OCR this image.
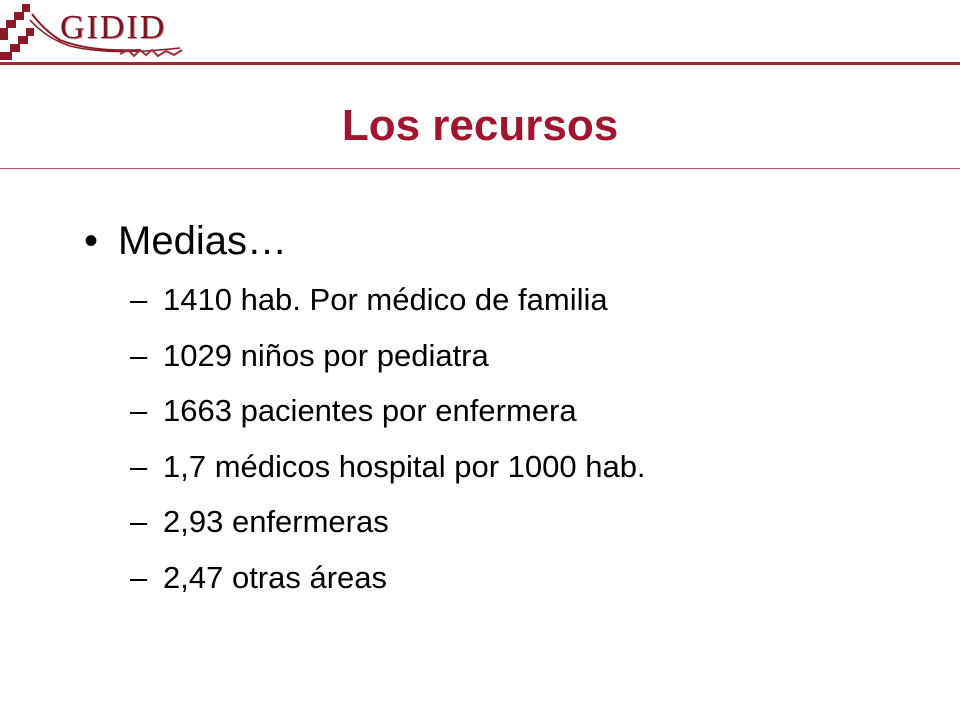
GIDID
Los recursos
• Medias…
– 1410 hab. Por médico de familia
– 1029 niños por pediatra
– 1663 pacientes por enfermera
– 1,7 médicos hospital por 1000 hab.
– 2,93 enfermeras
– 2,47 otras áreas
